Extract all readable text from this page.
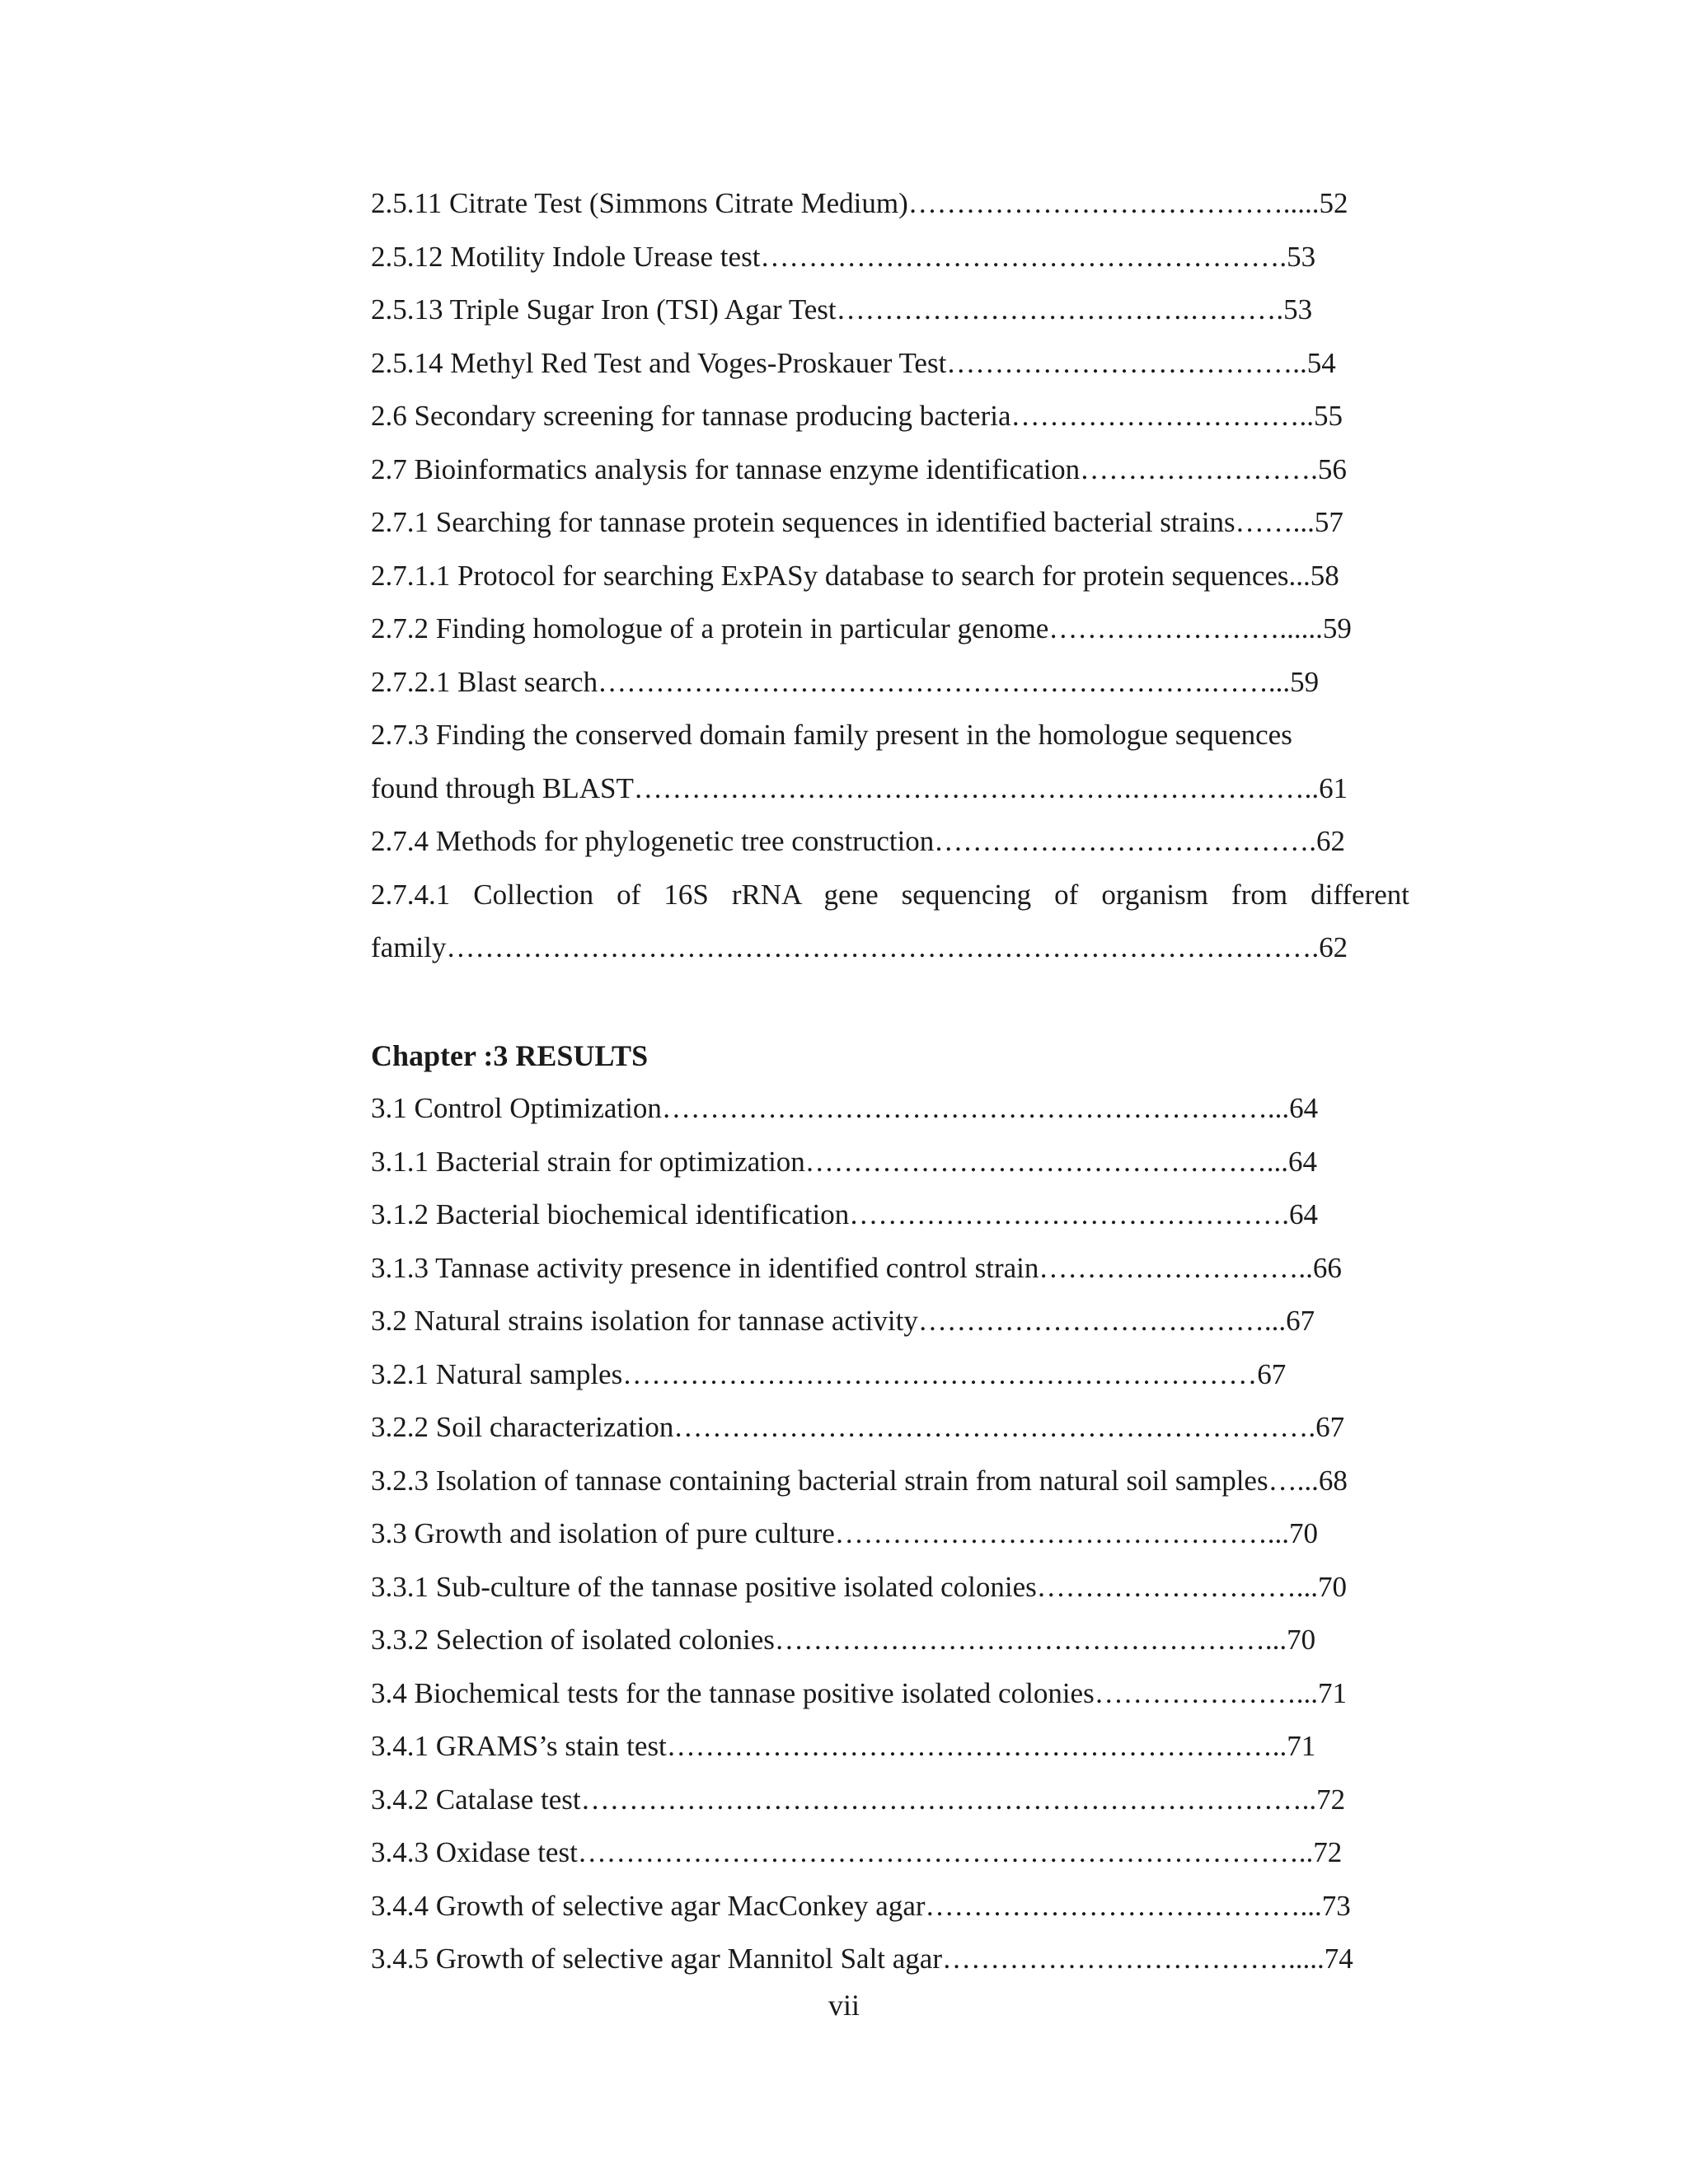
2.5.11 Citrate Test (Simmons Citrate Medium)………………………………….....52
2.5.12 Motility Indole Urease test……………………………………………….53
2.5.13 Triple Sugar Iron (TSI) Agar Test……………………………….……….53
2.5.14 Methyl Red Test and Voges-Proskauer Test………………………………..54
2.6 Secondary screening for tannase producing bacteria…………………………..55
2.7 Bioinformatics analysis for tannase enzyme identification…………………….56
2.7.1 Searching for tannase protein sequences in identified bacterial strains……...57
2.7.1.1 Protocol for searching ExPASy database to search for protein sequences...58
2.7.2 Finding homologue of a protein in particular genome……………………......59
2.7.2.1 Blast search……………………………………………………….……...59
2.7.3 Finding the conserved domain family present in the homologue sequences
found through BLAST…………………………………………….………………..61
2.7.4 Methods for phylogenetic tree construction………………………………….62
2.7.4.1 Collection of 16S rRNA gene sequencing of organism from different
family……………………………………………………………………………….62
Chapter :3 RESULTS
3.1 Control Optimization………………………………………………………...64
3.1.1 Bacterial strain for optimization…………………………………………...64
3.1.2 Bacterial biochemical identification……………………………………….64
3.1.3 Tannase activity presence in identified control strain………………………..66
3.2 Natural strains isolation for tannase activity………………………………...67
3.2.1 Natural samples…………………………………………………………67
3.2.2 Soil characterization………………………………………………………….67
3.2.3 Isolation of tannase containing bacterial strain from natural soil samples…...68
3.3 Growth and isolation of pure culture………………………………………...70
3.3.1 Sub-culture of the tannase positive isolated colonies………………………...70
3.3.2 Selection of isolated colonies……………………………………………...70
3.4 Biochemical tests for the tannase positive isolated colonies…………………...71
3.4.1 GRAMS’s stain test………………………………………………………..71
3.4.2 Catalase test…………………………………………………………………..72
3.4.3 Oxidase test…………………………………………………………………..72
3.4.4 Growth of selective agar MacConkey agar…………………………………...73
3.4.5 Growth of selective agar Mannitol Salt agar……………………………….....74
vii
